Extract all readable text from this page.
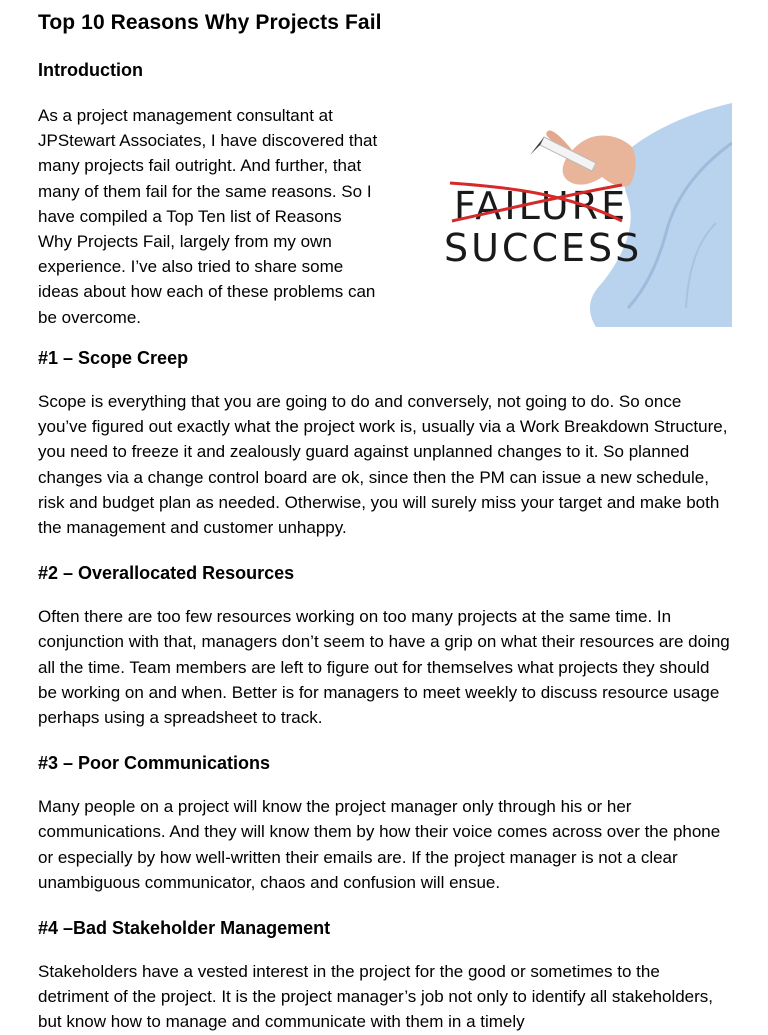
Top 10 Reasons Why Projects Fail
Introduction

As a project management consultant at JPStewart Associates, I have discovered that many projects fail outright. And further, that many of them fail for the same reasons. So I have compiled a Top Ten list of Reasons Why Projects Fail, largely from my own experience. I’ve also tried to share some ideas about how each of these problems can be overcome.

FAILURE
SUCCESS
#1 – Scope Creep

Scope is everything that you are going to do and conversely, not going to do. So once you’ve figured out exactly what the project work is, usually via a Work Breakdown Structure, you need to freeze it and zealously guard against unplanned changes to it. So planned changes via a change control board are ok, since then the PM can issue a new schedule, risk and budget plan as needed. Otherwise, you will surely miss your target and make both the management and customer unhappy.

#2 – Overallocated Resources

Often there are too few resources working on too many projects at the same time. In conjunction with that, managers don’t seem to have a grip on what their resources are doing all the time. Team members are left to figure out for themselves what projects they should be working on and when. Better is for managers to meet weekly to discuss resource usage perhaps using a spreadsheet to track.

#3 – Poor Communications

Many people on a project will know the project manager only through his or her communications. And they will know them by how their voice comes across over the phone or especially by how well-written their emails are. If the project manager is not a clear unambiguous communicator, chaos and confusion will ensue.

#4 –Bad Stakeholder Management

Stakeholders have a vested interest in the project for the good or sometimes to the detriment of the project. It is the project manager’s job not only to identify all stakeholders, but know how to manage and communicate with them in a timely
